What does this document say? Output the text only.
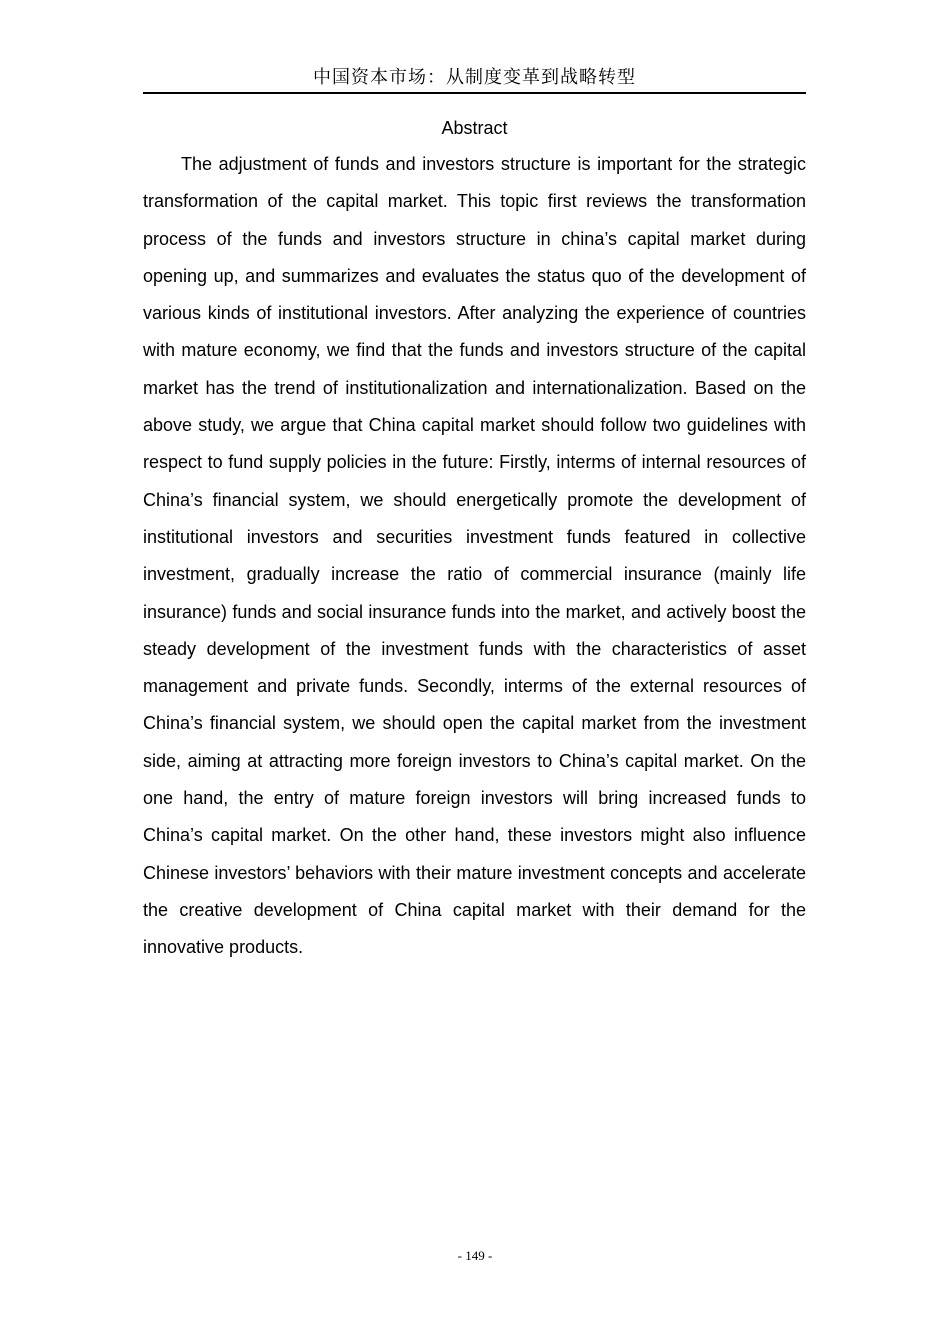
中国资本市场：从制度变革到战略转型
Abstract

The adjustment of funds and investors structure is important for the strategic transformation of the capital market. This topic first reviews the transformation process of the funds and investors structure in china’s capital market during opening up, and summarizes and evaluates the status quo of the development of various kinds of institutional investors. After analyzing the experience of countries with mature economy, we find that the funds and investors structure of the capital market has the trend of institutionalization and internationalization. Based on the above study, we argue that China capital market should follow two guidelines with respect to fund supply policies in the future: Firstly, interms of internal resources of China’s financial system, we should energetically promote the development of institutional investors and securities investment funds featured in collective investment, gradually increase the ratio of commercial insurance (mainly life insurance) funds and social insurance funds into the market, and actively boost the steady development of the investment funds with the characteristics of asset management and private funds. Secondly, interms of the external resources of China’s financial system, we should open the capital market from the investment side, aiming at attracting more foreign investors to China’s capital market. On the one hand, the entry of mature foreign investors will bring increased funds to China’s capital market. On the other hand, these investors might also influence Chinese investors’ behaviors with their mature investment concepts and accelerate the creative development of China capital market with their demand for the innovative products.

- 149 -
